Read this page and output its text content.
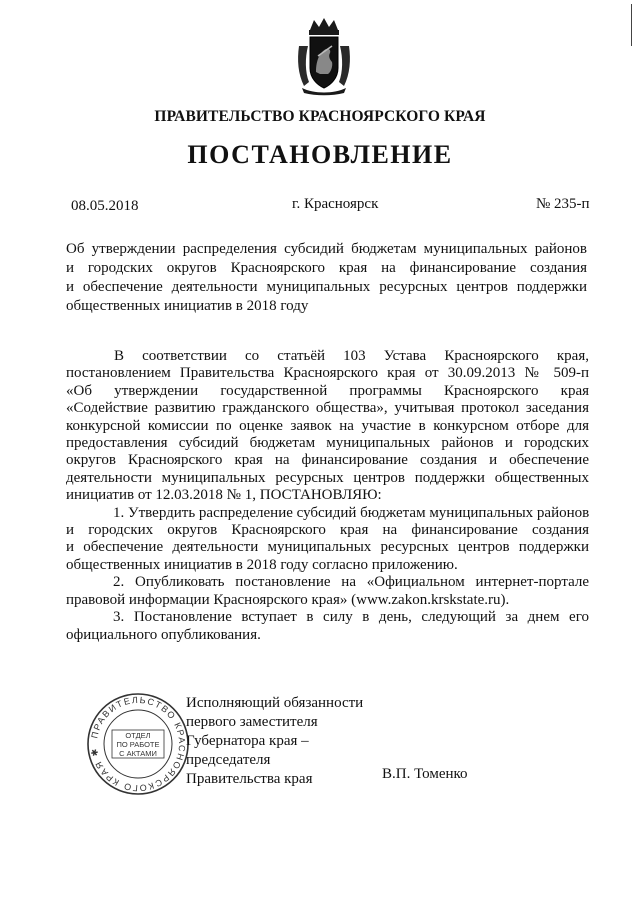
ПРАВИТЕЛЬСТВО КРАСНОЯРСКОГО КРАЯ
ПОСТАНОВЛЕНИЕ
08.05.2018	г. Красноярск	№ 235-п
Об утверждении распределения субсидий бюджетам муниципальных районов
и городских округов Красноярского края на финансирование создания
и обеспечение деятельности муниципальных ресурсных центров поддержки
общественных инициатив в 2018 году
В соответствии со статьёй 103 Устава Красноярского края,
постановлением Правительства Красноярского края от 30.09.2013 № 509-п
«Об утверждении государственной программы Красноярского края
«Содействие развитию гражданского общества», учитывая протокол заседания
конкурсной комиссии по оценке заявок на участие в конкурсном отборе для
предоставления субсидий бюджетам муниципальных районов и городских
округов Красноярского края на финансирование создания и обеспечение
деятельности муниципальных ресурсных центров поддержки общественных
инициатив от 12.03.2018 № 1, ПОСТАНОВЛЯЮ:
1. Утвердить распределение субсидий бюджетам муниципальных районов
и городских округов Красноярского края на финансирование создания
и обеспечение деятельности муниципальных ресурсных центров поддержки
общественных инициатив в 2018 году согласно приложению.
2. Опубликовать постановление на «Официальном интернет-портале
правовой информации Красноярского края» (www.zakon.krskstate.ru).
3. Постановление вступает в силу в день, следующий за днем его
официального опубликования.
ПРАВИТЕЛЬСТВО КРАСНОЯРСКОГО КРАЯ ✱
ОТДЕЛ
ПО РАБОТЕ
С АКТАМИ
Исполняющий обязанности
первого заместителя
Губернатора края –
председателя
Правительства края	В.П. Томенко
